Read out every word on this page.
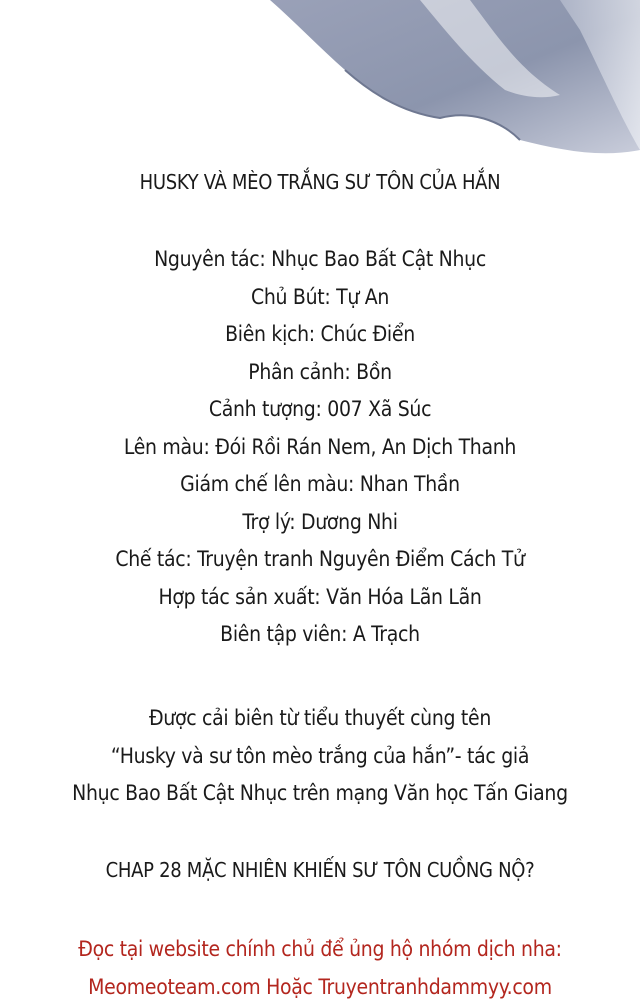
HUSKY VÀ MÈO TRẮNG SƯ TÔN CỦA HẮN
Nguyên tác: Nhục Bao Bất Cật Nhục
Chủ Bút: Tự An
Biên kịch: Chúc Điển
Phân cảnh: Bồn
Cảnh tượng: 007 Xã Súc
Lên màu: Đói Rồi Rán Nem, An Dịch Thanh
Giám chế lên màu: Nhan Thần
Trợ lý: Dương Nhi
Chế tác: Truyện tranh Nguyên Điểm Cách Tử
Hợp tác sản xuất: Văn Hóa Lãn Lãn
Biên tập viên: A Trạch
Được cải biên từ tiểu thuyết cùng tên
“Husky và sư tôn mèo trắng của hắn”- tác giả
Nhục Bao Bất Cật Nhục trên mạng Văn học Tấn Giang
CHAP 28 MẶC NHIÊN KHIẾN SƯ TÔN CUỒNG NỘ?
Đọc tại website chính chủ để ủng hộ nhóm dịch nha:
Meomeoteam.com Hoặc Truyentranhdammyy.com
